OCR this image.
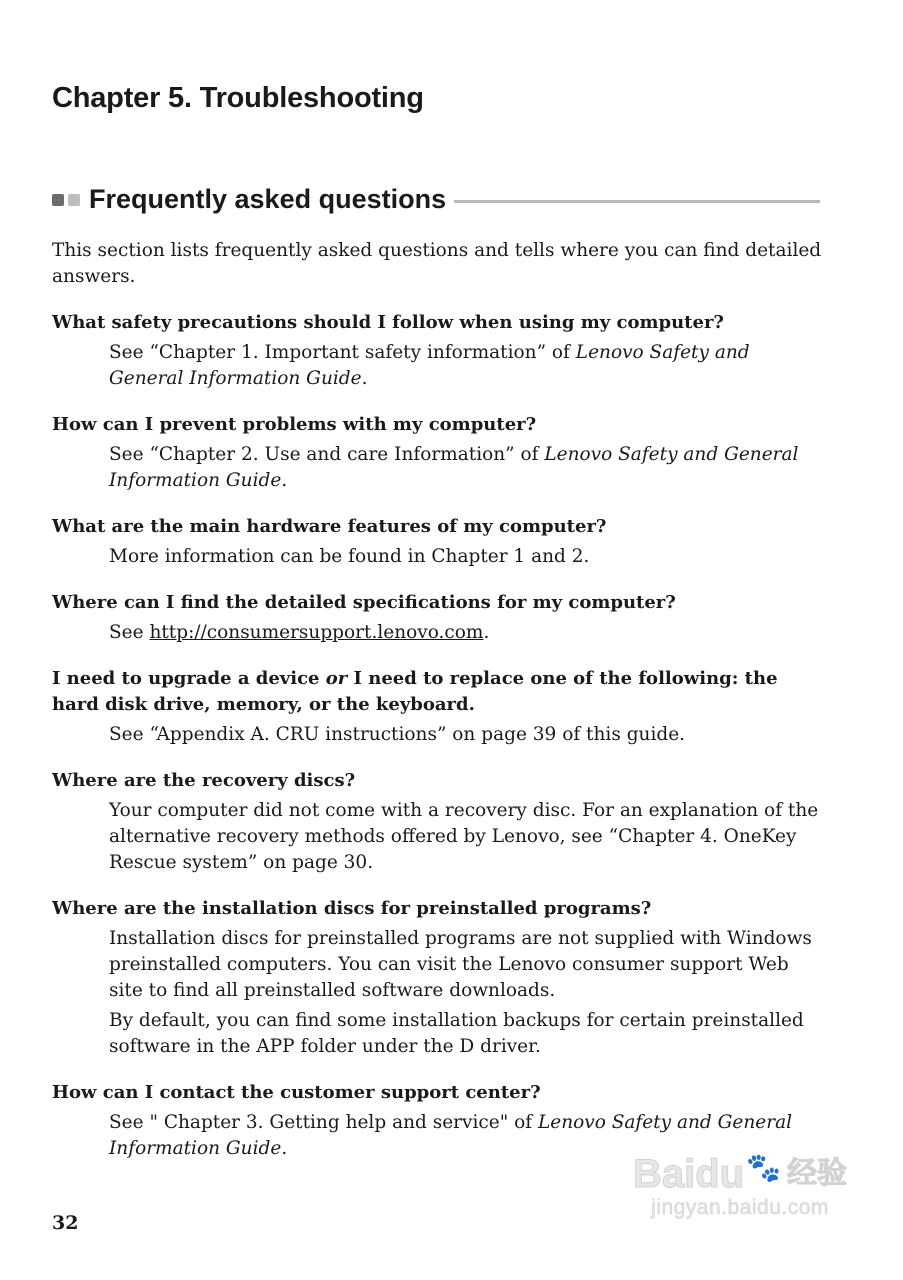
Chapter 5. Troubleshooting
Frequently asked questions

This section lists frequently asked questions and tells where you can find detailed answers.

What safety precautions should I follow when using my computer?

See “Chapter 1. Important safety information” of Lenovo Safety and General Information Guide.

How can I prevent problems with my computer?

See “Chapter 2. Use and care Information” of Lenovo Safety and General Information Guide.

What are the main hardware features of my computer?

More information can be found in Chapter 1 and 2.

Where can I find the detailed specifications for my computer?

See http://consumersupport.lenovo.com.

I need to upgrade a device or I need to replace one of the following: the hard disk drive, memory, or the keyboard.

See “Appendix A. CRU instructions” on page 39 of this guide.

Where are the recovery discs?

Your computer did not come with a recovery disc. For an explanation of the alternative recovery methods offered by Lenovo, see “Chapter 4. OneKey Rescue system” on page 30.

Where are the installation discs for preinstalled programs?

Installation discs for preinstalled programs are not supplied with Windows preinstalled computers. You can visit the Lenovo consumer support Web site to find all preinstalled software downloads.

By default, you can find some installation backups for certain preinstalled software in the APP folder under the D driver.

How can I contact the customer support center?

See " Chapter 3. Getting help and service" of Lenovo Safety and General Information Guide.

32
Baidu 🐾 经验
jingyan.baidu.com
